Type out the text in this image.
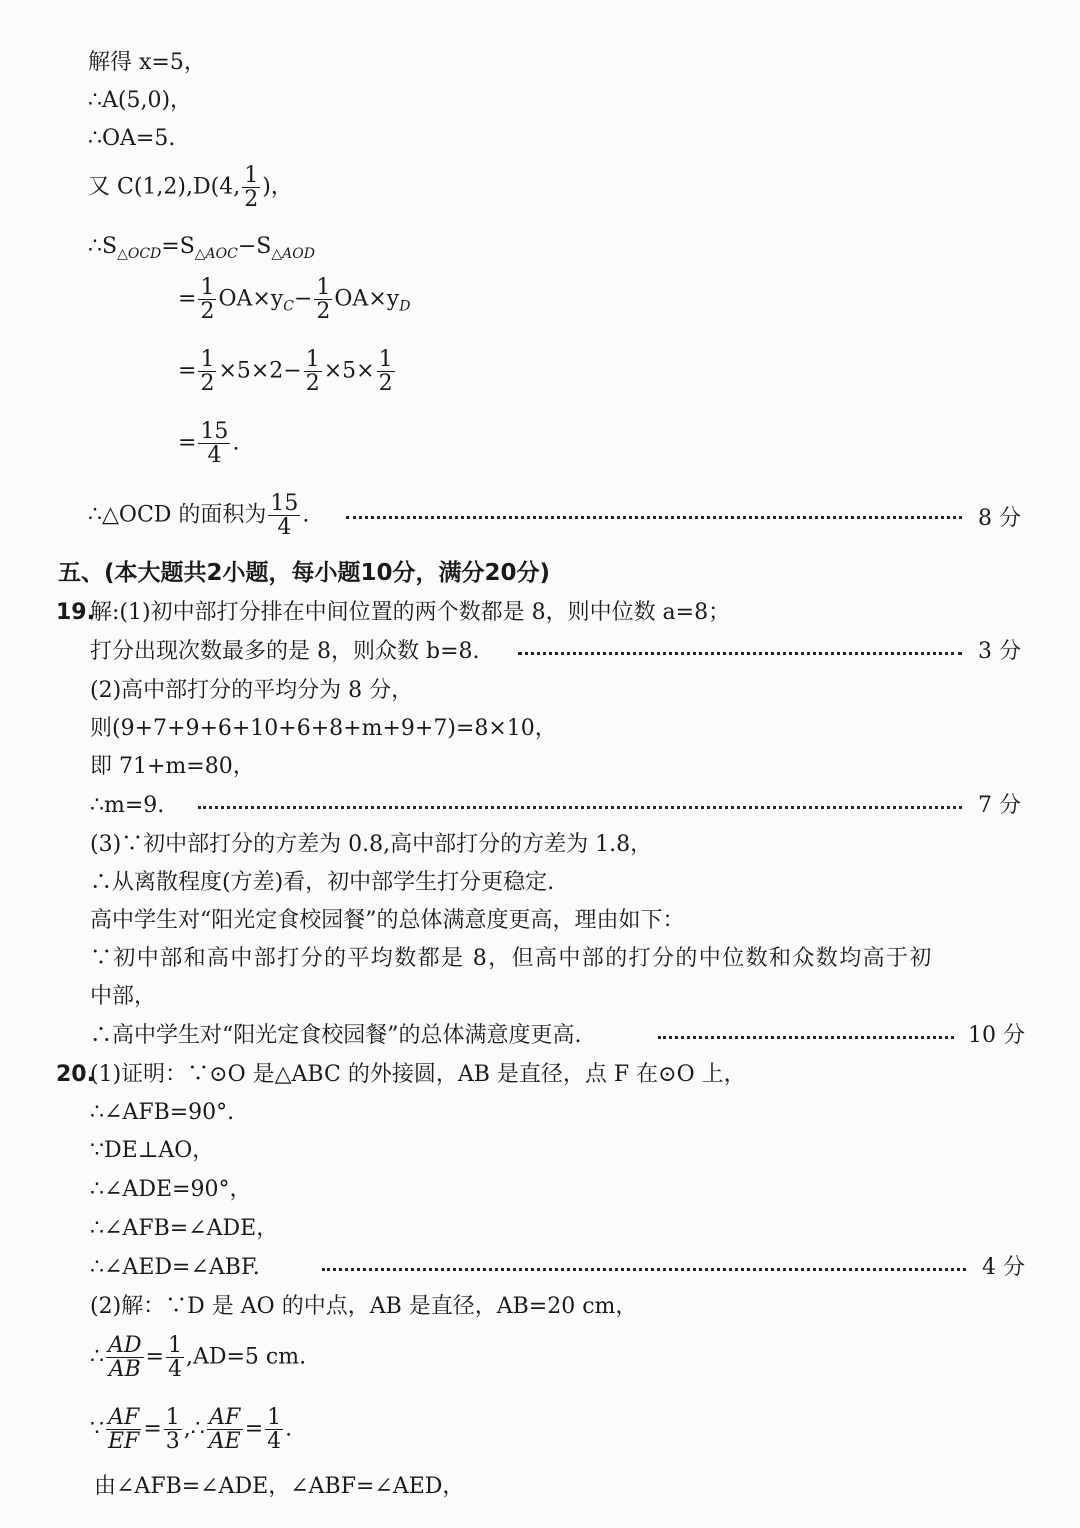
解得 x=5，
∴A(5,0)，
∴OA=5.
又 C(1,2),D(4, $\frac{1}{2}$ )，
$\therefore S_{\triangle OCD}=S_{\triangle AOC}-S_{\triangle AOD}$
= $\frac{1}{2} OA\times y_C- \frac{1}{2} OA\times y_D$
= $\frac{1}{2} \times 5\times 2- \frac{1}{2} \times 5\times \frac{1}{2}$
= $\frac{15}{4}$ .
∴△OCD 的面积为 $\frac{15}{4}$ .	8 分
五、(本大题共2小题，每小题10分，满分20分)
19.
解:(1)初中部打分排在中间位置的两个数都是 8，则中位数 a=8；
打分出现次数最多的是 8，则众数 b=8.	3 分
(2)高中部打分的平均分为 8 分，
则(9+7+9+6+10+6+8+m+9+7)=8×10，
即 71+m=80，
∴m=9.	7 分
(3)∵初中部打分的方差为 0.8,高中部打分的方差为 1.8，
∴从离散程度(方差)看，初中部学生打分更稳定.
高中学生对“阳光定食校园餐”的总体满意度更高，理由如下：
∵初中部和高中部打分的平均数都是 8，但高中部的打分的中位数和众数均高于初
中部，
∴高中学生对“阳光定食校园餐”的总体满意度更高.	10 分
20.
(1)证明：∵⊙O 是△ABC 的外接圆，AB 是直径，点 F 在⊙O 上，
∴∠AFB=90°.
∵DE⊥AO，
∴∠ADE=90°，
∴∠AFB=∠ADE，
∴∠AED=∠ABF.	4 分
(2)解：∵D 是 AO 的中点，AB 是直径，AB=20 cm，
∴ $\frac{AD}{AB} = \frac{1}{4} ,AD=5$ cm.
∵ $\frac{AF}{EF} = \frac{1}{3}$ ,∴ $\frac{AF}{AE} = \frac{1}{4}$ .
由∠AFB=∠ADE，∠ABF=∠AED，
